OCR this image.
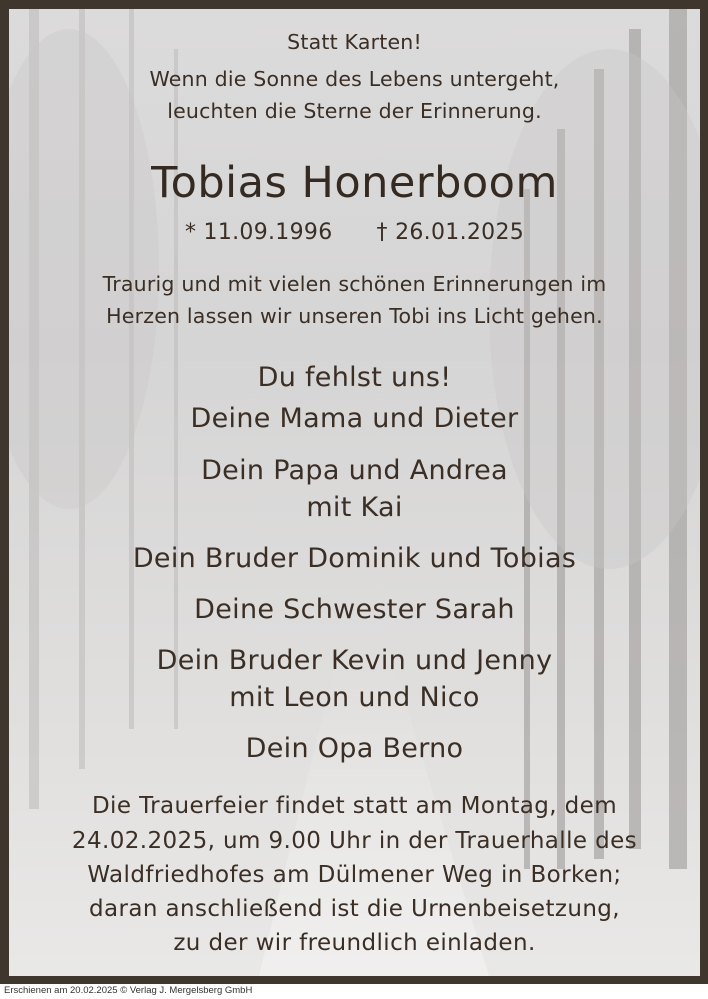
Statt Karten!
Wenn die Sonne des Lebens untergeht,
leuchten die Sterne der Erinnerung.
Tobias Honerboom
* 11.09.1996 † 26.01.2025
Traurig und mit vielen schönen Erinnerungen im
Herzen lassen wir unseren Tobi ins Licht gehen.
Du fehlst uns!
Deine Mama und Dieter
Dein Papa und Andrea
mit Kai
Dein Bruder Dominik und Tobias
Deine Schwester Sarah
Dein Bruder Kevin und Jenny
mit Leon und Nico
Dein Opa Berno
Die Trauerfeier findet statt am Montag, dem
24.02.2025, um 9.00 Uhr in der Trauerhalle des
Waldfriedhofes am Dülmener Weg in Borken;
daran anschließend ist die Urnenbeisetzung,
zu der wir freundlich einladen.
Erschienen am 20.02.2025 © Verlag J. Mergelsberg GmbH
